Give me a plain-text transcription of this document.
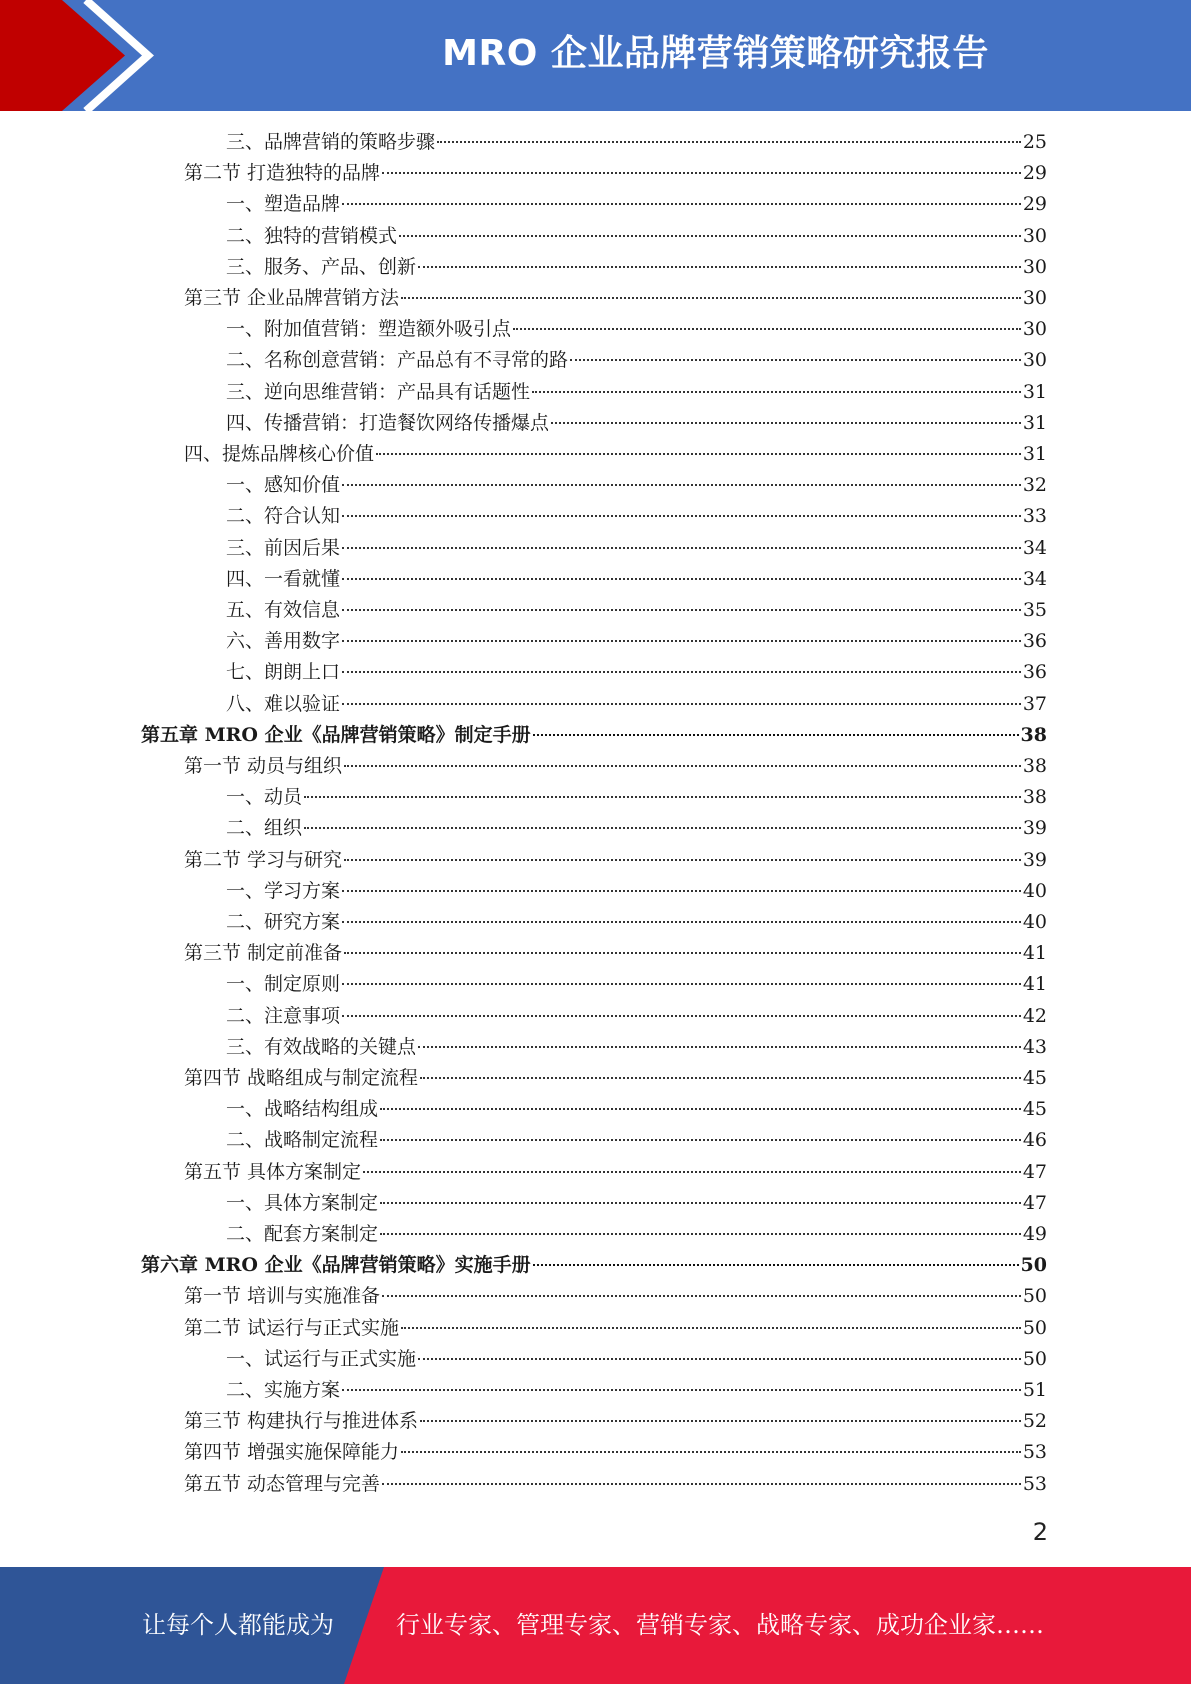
MRO 企业品牌营销策略研究报告
三、品牌营销的策略步骤	25
第二节 打造独特的品牌	29
一、塑造品牌	29
二、独特的营销模式	30
三、服务、产品、创新	30
第三节 企业品牌营销方法	30
一、附加值营销：塑造额外吸引点	30
二、名称创意营销：产品总有不寻常的路	30
三、逆向思维营销：产品具有话题性	31
四、传播营销：打造餐饮网络传播爆点	31
四、提炼品牌核心价值	31
一、感知价值	32
二、符合认知	33
三、前因后果	34
四、一看就懂	34
五、有效信息	35
六、善用数字	36
七、朗朗上口	36
八、难以验证	37
第五章 MRO 企业《品牌营销策略》制定手册	38
第一节 动员与组织	38
一、动员	38
二、组织	39
第二节 学习与研究	39
一、学习方案	40
二、研究方案	40
第三节 制定前准备	41
一、制定原则	41
二、注意事项	42
三、有效战略的关键点	43
第四节 战略组成与制定流程	45
一、战略结构组成	45
二、战略制定流程	46
第五节 具体方案制定	47
一、具体方案制定	47
二、配套方案制定	49
第六章 MRO 企业《品牌营销策略》实施手册	50
第一节 培训与实施准备	50
第二节 试运行与正式实施	50
一、试运行与正式实施	50
二、实施方案	51
第三节 构建执行与推进体系	52
第四节 增强实施保障能力	53
第五节 动态管理与完善	53
2
让每个人都能成为	行业专家、管理专家、营销专家、战略专家、成功企业家……
